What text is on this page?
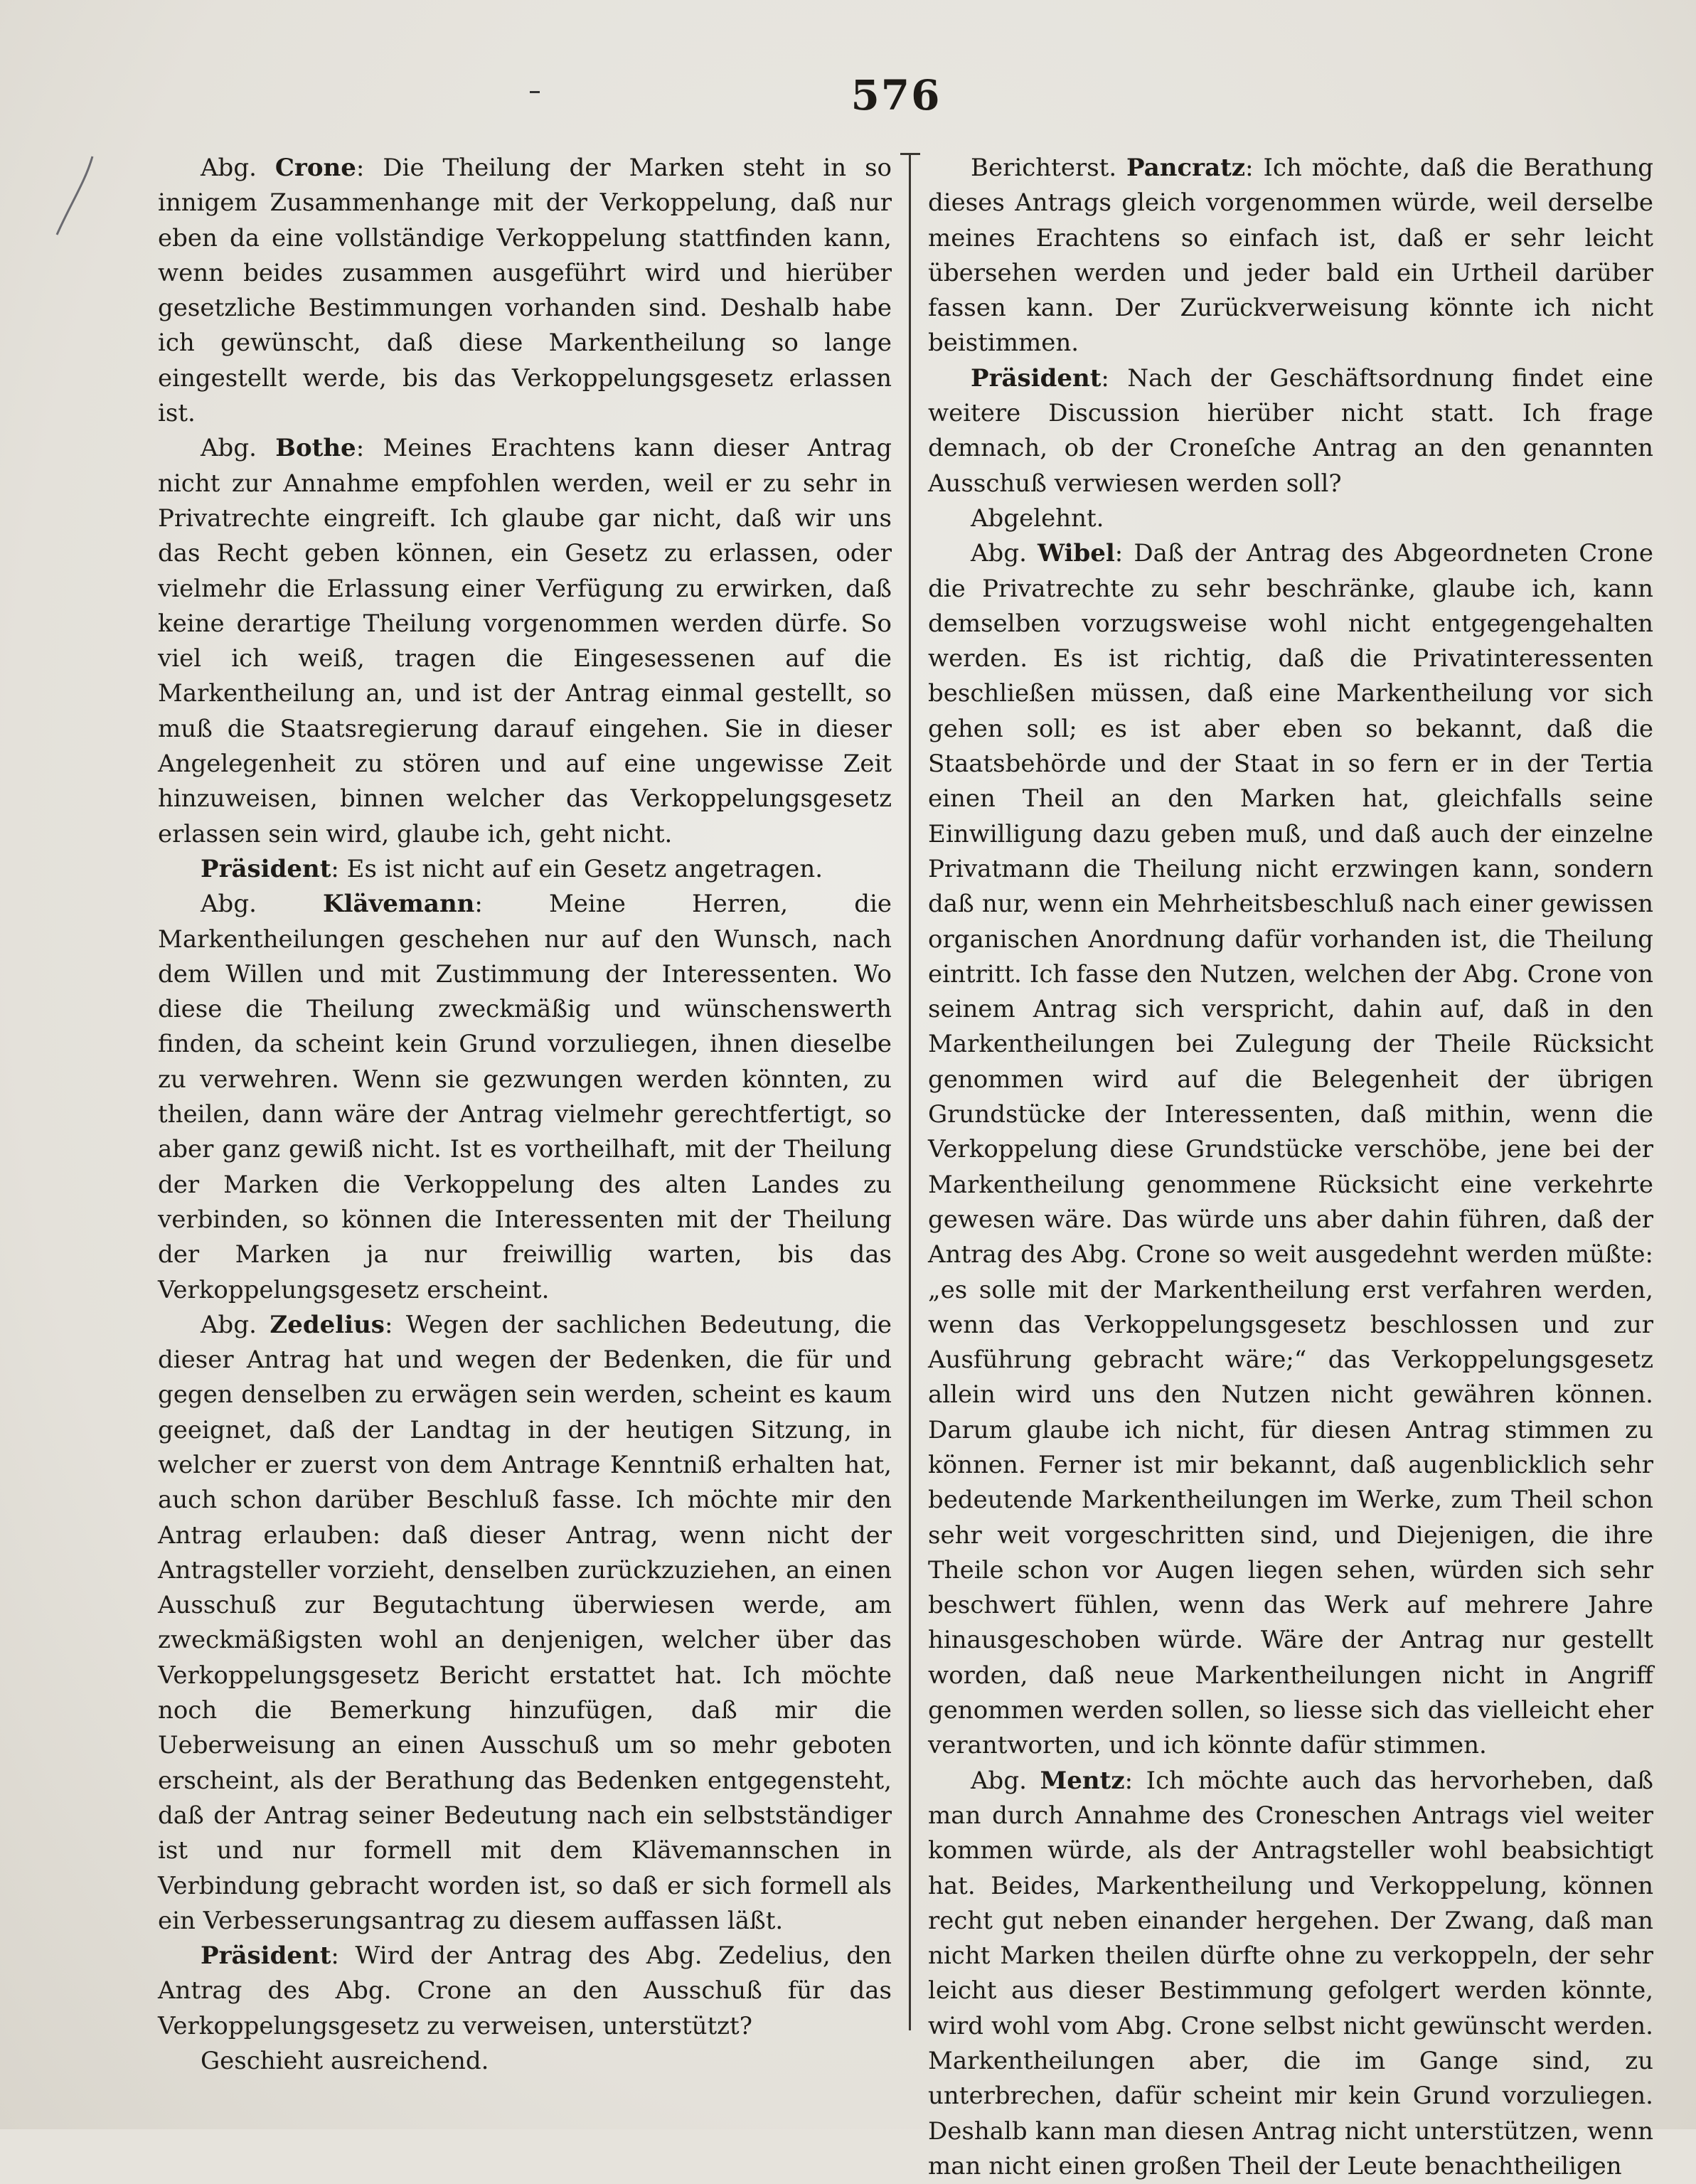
576

Abg. Crone: Die Theilung der Marken steht in so innigem Zusammenhange mit der Verkoppelung, daß nur eben da eine vollständige Verkoppelung stattfinden kann, wenn beides zusammen ausgeführt wird und hierüber gesetzliche Bestimmungen vorhanden sind. Deshalb habe ich gewünscht, daß diese Markentheilung so lange eingestellt werde, bis das Verkoppelungsgesetz erlassen ist.

Abg. Bothe: Meines Erachtens kann dieser Antrag nicht zur Annahme empfohlen werden, weil er zu sehr in Privatrechte eingreift. Ich glaube gar nicht, daß wir uns das Recht geben können, ein Gesetz zu erlassen, oder vielmehr die Erlassung einer Verfügung zu erwirken, daß keine derartige Theilung vorgenommen werden dürfe. So viel ich weiß, tragen die Eingesessenen auf die Markentheilung an, und ist der Antrag einmal gestellt, so muß die Staatsregierung darauf eingehen. Sie in dieser Angelegenheit zu stören und auf eine ungewisse Zeit hinzuweisen, binnen welcher das Verkoppelungsgesetz erlassen sein wird, glaube ich, geht nicht.

Präsident: Es ist nicht auf ein Gesetz angetragen.

Abg. Klävemann: Meine Herren, die Markentheilungen geschehen nur auf den Wunsch, nach dem Willen und mit Zustimmung der Interessenten. Wo diese die Theilung zweckmäßig und wünschenswerth finden, da scheint kein Grund vorzuliegen, ihnen dieselbe zu verwehren. Wenn sie gezwungen werden könnten, zu theilen, dann wäre der Antrag vielmehr gerechtfertigt, so aber ganz gewiß nicht. Ist es vortheilhaft, mit der Theilung der Marken die Verkoppelung des alten Landes zu verbinden, so können die Interessenten mit der Theilung der Marken ja nur freiwillig warten, bis das Verkoppelungsgesetz erscheint.

Abg. Zedelius: Wegen der sachlichen Bedeutung, die dieser Antrag hat und wegen der Bedenken, die für und gegen denselben zu erwägen sein werden, scheint es kaum geeignet, daß der Landtag in der heutigen Sitzung, in welcher er zuerst von dem Antrage Kenntniß erhalten hat, auch schon darüber Beschluß fasse. Ich möchte mir den Antrag erlauben: daß dieser Antrag, wenn nicht der Antragsteller vorzieht, denselben zurückzuziehen, an einen Ausschuß zur Begutachtung überwiesen werde, am zweckmäßigsten wohl an denjenigen, welcher über das Verkoppelungsgesetz Bericht erstattet hat. Ich möchte noch die Bemerkung hinzufügen, daß mir die Ueberweisung an einen Ausschuß um so mehr geboten erscheint, als der Berathung das Bedenken entgegensteht, daß der Antrag seiner Bedeutung nach ein selbstständiger ist und nur formell mit dem Klävemannschen in Verbindung gebracht worden ist, so daß er sich formell als ein Verbesserungsantrag zu diesem auffassen läßt.

Präsident: Wird der Antrag des Abg. Zedelius, den Antrag des Abg. Crone an den Ausschuß für das Verkoppelungsgesetz zu verweisen, unterstützt?

Geschieht ausreichend.

Berichterst. Pancratz: Ich möchte, daß die Berathung dieses Antrags gleich vorgenommen würde, weil derselbe meines Erachtens so einfach ist, daß er sehr leicht übersehen werden und jeder bald ein Urtheil darüber fassen kann. Der Zurückverweisung könnte ich nicht beistimmen.

Präsident: Nach der Geschäftsordnung findet eine weitere Discussion hierüber nicht statt. Ich frage demnach, ob der Croneſche Antrag an den genannten Ausschuß verwiesen werden soll?

Abgelehnt.

Abg. Wibel: Daß der Antrag des Abgeordneten Crone die Privatrechte zu sehr beschränke, glaube ich, kann demselben vorzugsweise wohl nicht entgegengehalten werden. Es ist richtig, daß die Privatinteressenten beschließen müssen, daß eine Markentheilung vor sich gehen soll; es ist aber eben so bekannt, daß die Staatsbehörde und der Staat in so fern er in der Tertia einen Theil an den Marken hat, gleichfalls seine Einwilligung dazu geben muß, und daß auch der einzelne Privatmann die Theilung nicht erzwingen kann, sondern daß nur, wenn ein Mehrheitsbeschluß nach einer gewissen organischen Anordnung dafür vorhanden ist, die Theilung eintritt. Ich fasse den Nutzen, welchen der Abg. Crone von seinem Antrag sich verspricht, dahin auf, daß in den Markentheilungen bei Zulegung der Theile Rücksicht genommen wird auf die Belegenheit der übrigen Grundstücke der Interessenten, daß mithin, wenn die Verkoppelung diese Grundstücke verschöbe, jene bei der Markentheilung genommene Rücksicht eine verkehrte gewesen wäre. Das würde uns aber dahin führen, daß der Antrag des Abg. Crone so weit ausgedehnt werden müßte: „es solle mit der Markentheilung erst verfahren werden, wenn das Verkoppelungsgesetz beschlossen und zur Ausführung gebracht wäre;“ das Verkoppelungsgesetz allein wird uns den Nutzen nicht gewähren können. Darum glaube ich nicht, für diesen Antrag stimmen zu können. Ferner ist mir bekannt, daß augenblicklich sehr bedeutende Markentheilungen im Werke, zum Theil schon sehr weit vorgeschritten sind, und Diejenigen, die ihre Theile schon vor Augen liegen sehen, würden sich sehr beschwert fühlen, wenn das Werk auf mehrere Jahre hinausgeschoben würde. Wäre der Antrag nur gestellt worden, daß neue Markentheilungen nicht in Angriff genommen werden sollen, so liesse sich das vielleicht eher verantworten, und ich könnte dafür stimmen.

Abg. Mentz: Ich möchte auch das hervorheben, daß man durch Annahme des Croneschen Antrags viel weiter kommen würde, als der Antragsteller wohl beabsichtigt hat. Beides, Markentheilung und Verkoppelung, können recht gut neben einander hergehen. Der Zwang, daß man nicht Marken theilen dürfte ohne zu verkoppeln, der sehr leicht aus dieser Bestimmung gefolgert werden könnte, wird wohl vom Abg. Crone selbst nicht gewünscht werden. Markentheilungen aber, die im Gange sind, zu unterbrechen, dafür scheint mir kein Grund vorzuliegen. Deshalb kann man diesen Antrag nicht unterstützen, wenn man nicht einen großen Theil der Leute benachtheiligen
